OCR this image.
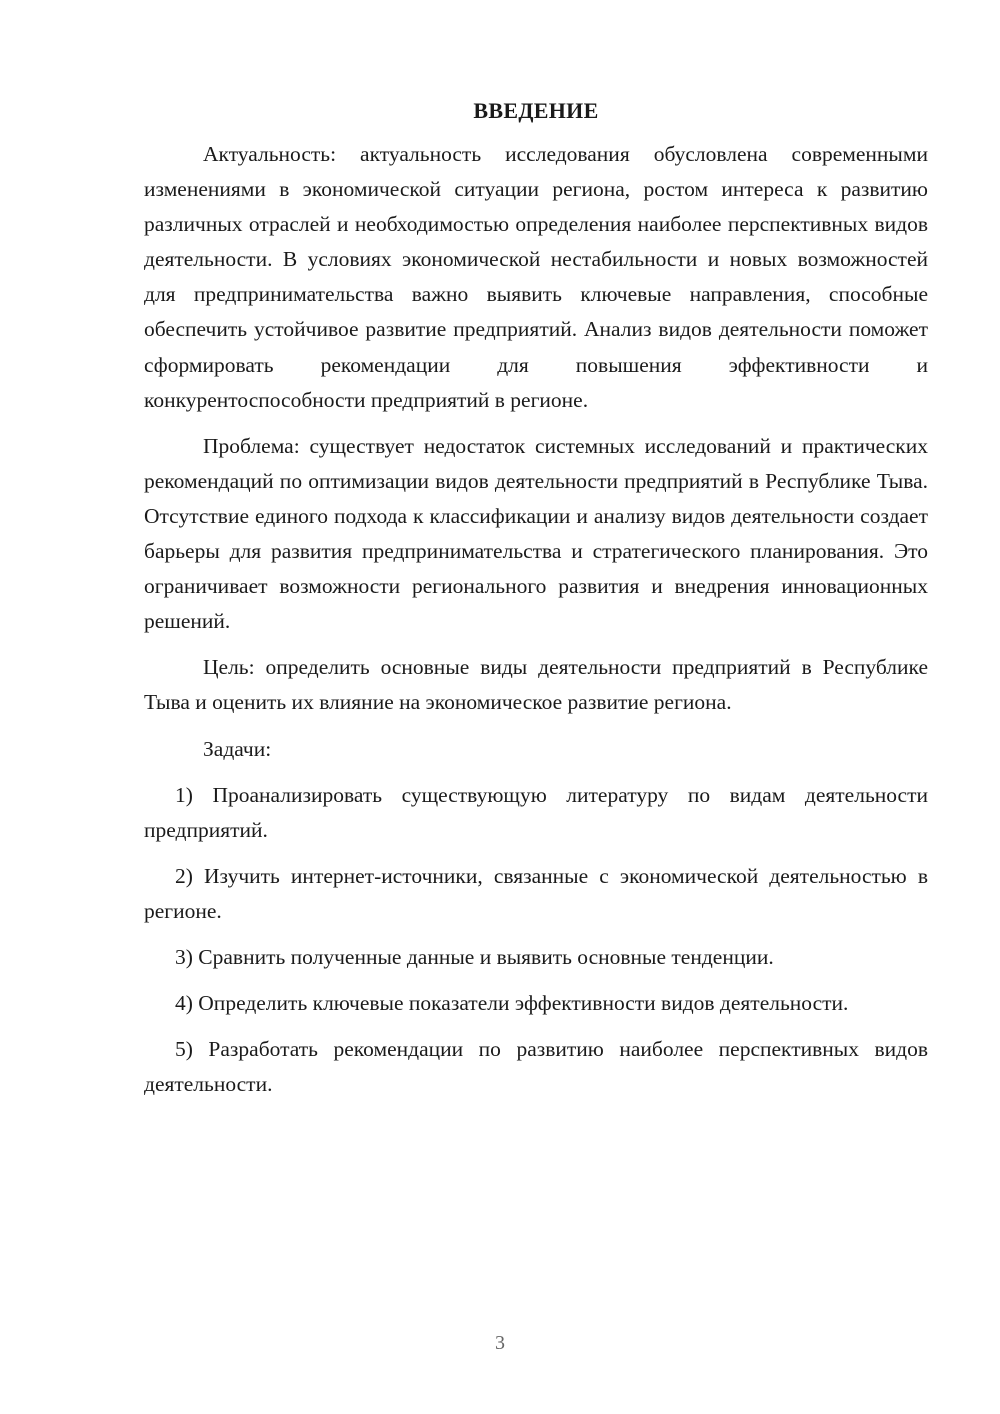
ВВЕДЕНИЕ

Актуальность: актуальность исследования обусловлена современными изменениями в экономической ситуации региона, ростом интереса к развитию различных отраслей и необходимостью определения наиболее перспективных видов деятельности. В условиях экономической нестабильности и новых возможностей для предпринимательства важно выявить ключевые направления, способные обеспечить устойчивое развитие предприятий. Анализ видов деятельности поможет сформировать рекомендации для повышения эффективности и конкурентоспособности предприятий в регионе.

Проблема: существует недостаток системных исследований и практических рекомендаций по оптимизации видов деятельности предприятий в Республике Тыва. Отсутствие единого подхода к классификации и анализу видов деятельности создает барьеры для развития предпринимательства и стратегического планирования. Это ограничивает возможности регионального развития и внедрения инновационных решений.

Цель: определить основные виды деятельности предприятий в Республике Тыва и оценить их влияние на экономическое развитие региона.

Задачи:

1) Проанализировать существующую литературу по видам деятельности предприятий.

2) Изучить интернет-источники, связанные с экономической деятельностью в регионе.

3) Сравнить полученные данные и выявить основные тенденции.

4) Определить ключевые показатели эффективности видов деятельности.

5) Разработать рекомендации по развитию наиболее перспективных видов деятельности.

3
